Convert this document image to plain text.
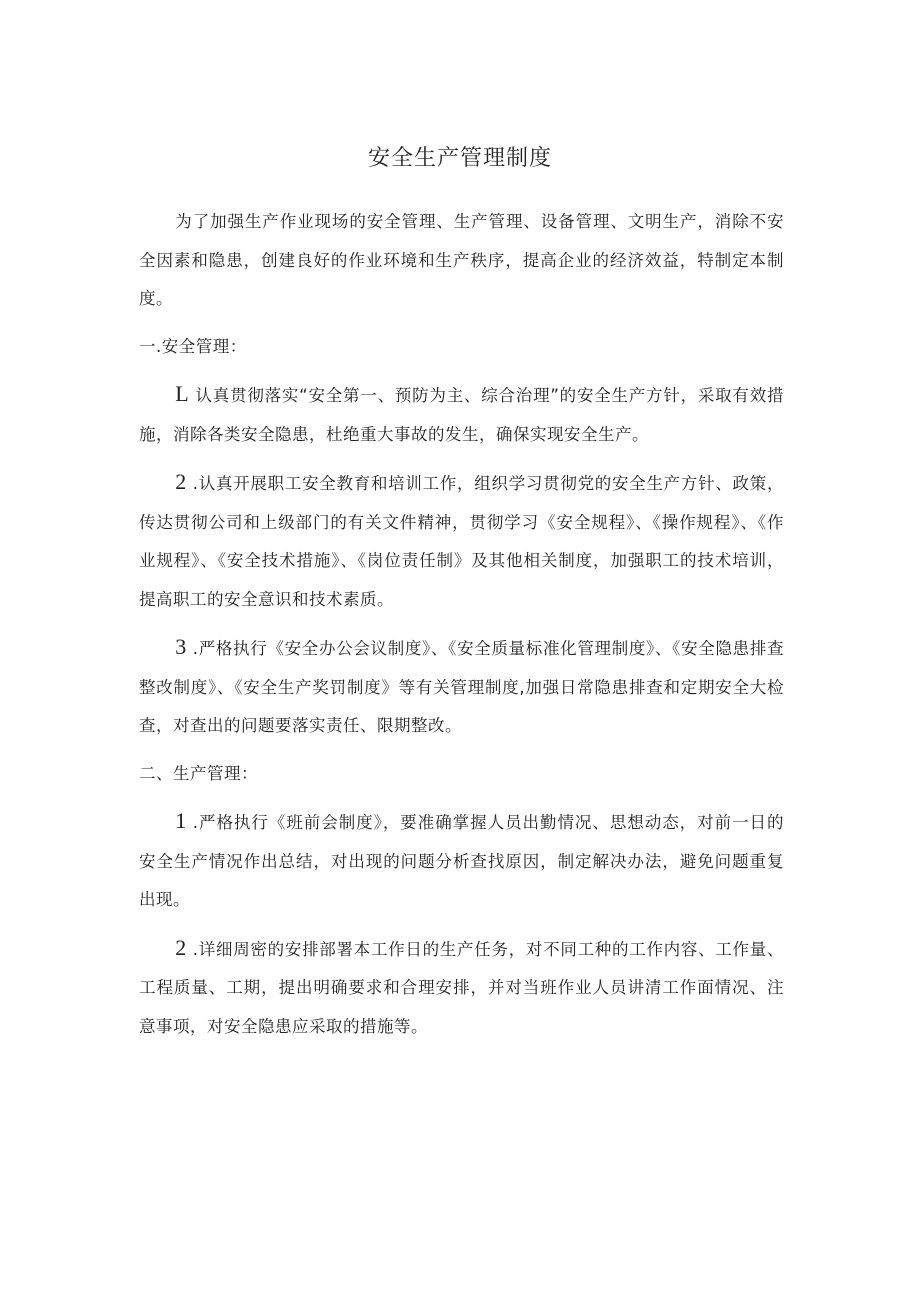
安全生产管理制度

为了加强生产作业现场的安全管理、生产管理、设备管理、文明生产，消除不安全因素和隐患，创建良好的作业环境和生产秩序，提高企业的经济效益，特制定本制度。

一.安全管理：

L 认真贯彻落实“安全第一、预防为主、综合治理”的安全生产方针，采取有效措施，消除各类安全隐患，杜绝重大事故的发生，确保实现安全生产。

2 .认真开展职工安全教育和培训工作，组织学习贯彻党的安全生产方针、政策，传达贯彻公司和上级部门的有关文件精神，贯彻学习《安全规程》、《操作规程》、《作业规程》、《安全技术措施》、《岗位责任制》及其他相关制度，加强职工的技术培训，提高职工的安全意识和技术素质。

3 .严格执行《安全办公会议制度》、《安全质量标准化管理制度》、《安全隐患排查整改制度》、《安全生产奖罚制度》等有关管理制度,加强日常隐患排查和定期安全大检查，对查出的问题要落实责任、限期整改。

二、生产管理：

1 .严格执行《班前会制度》，要准确掌握人员出勤情况、思想动态，对前一日的安全生产情况作出总结，对出现的问题分析查找原因，制定解决办法，避免问题重复出现。

2 .详细周密的安排部署本工作日的生产任务，对不同工种的工作内容、工作量、工程质量、工期，提出明确要求和合理安排，并对当班作业人员讲清工作面情况、注意事项，对安全隐患应采取的措施等。
